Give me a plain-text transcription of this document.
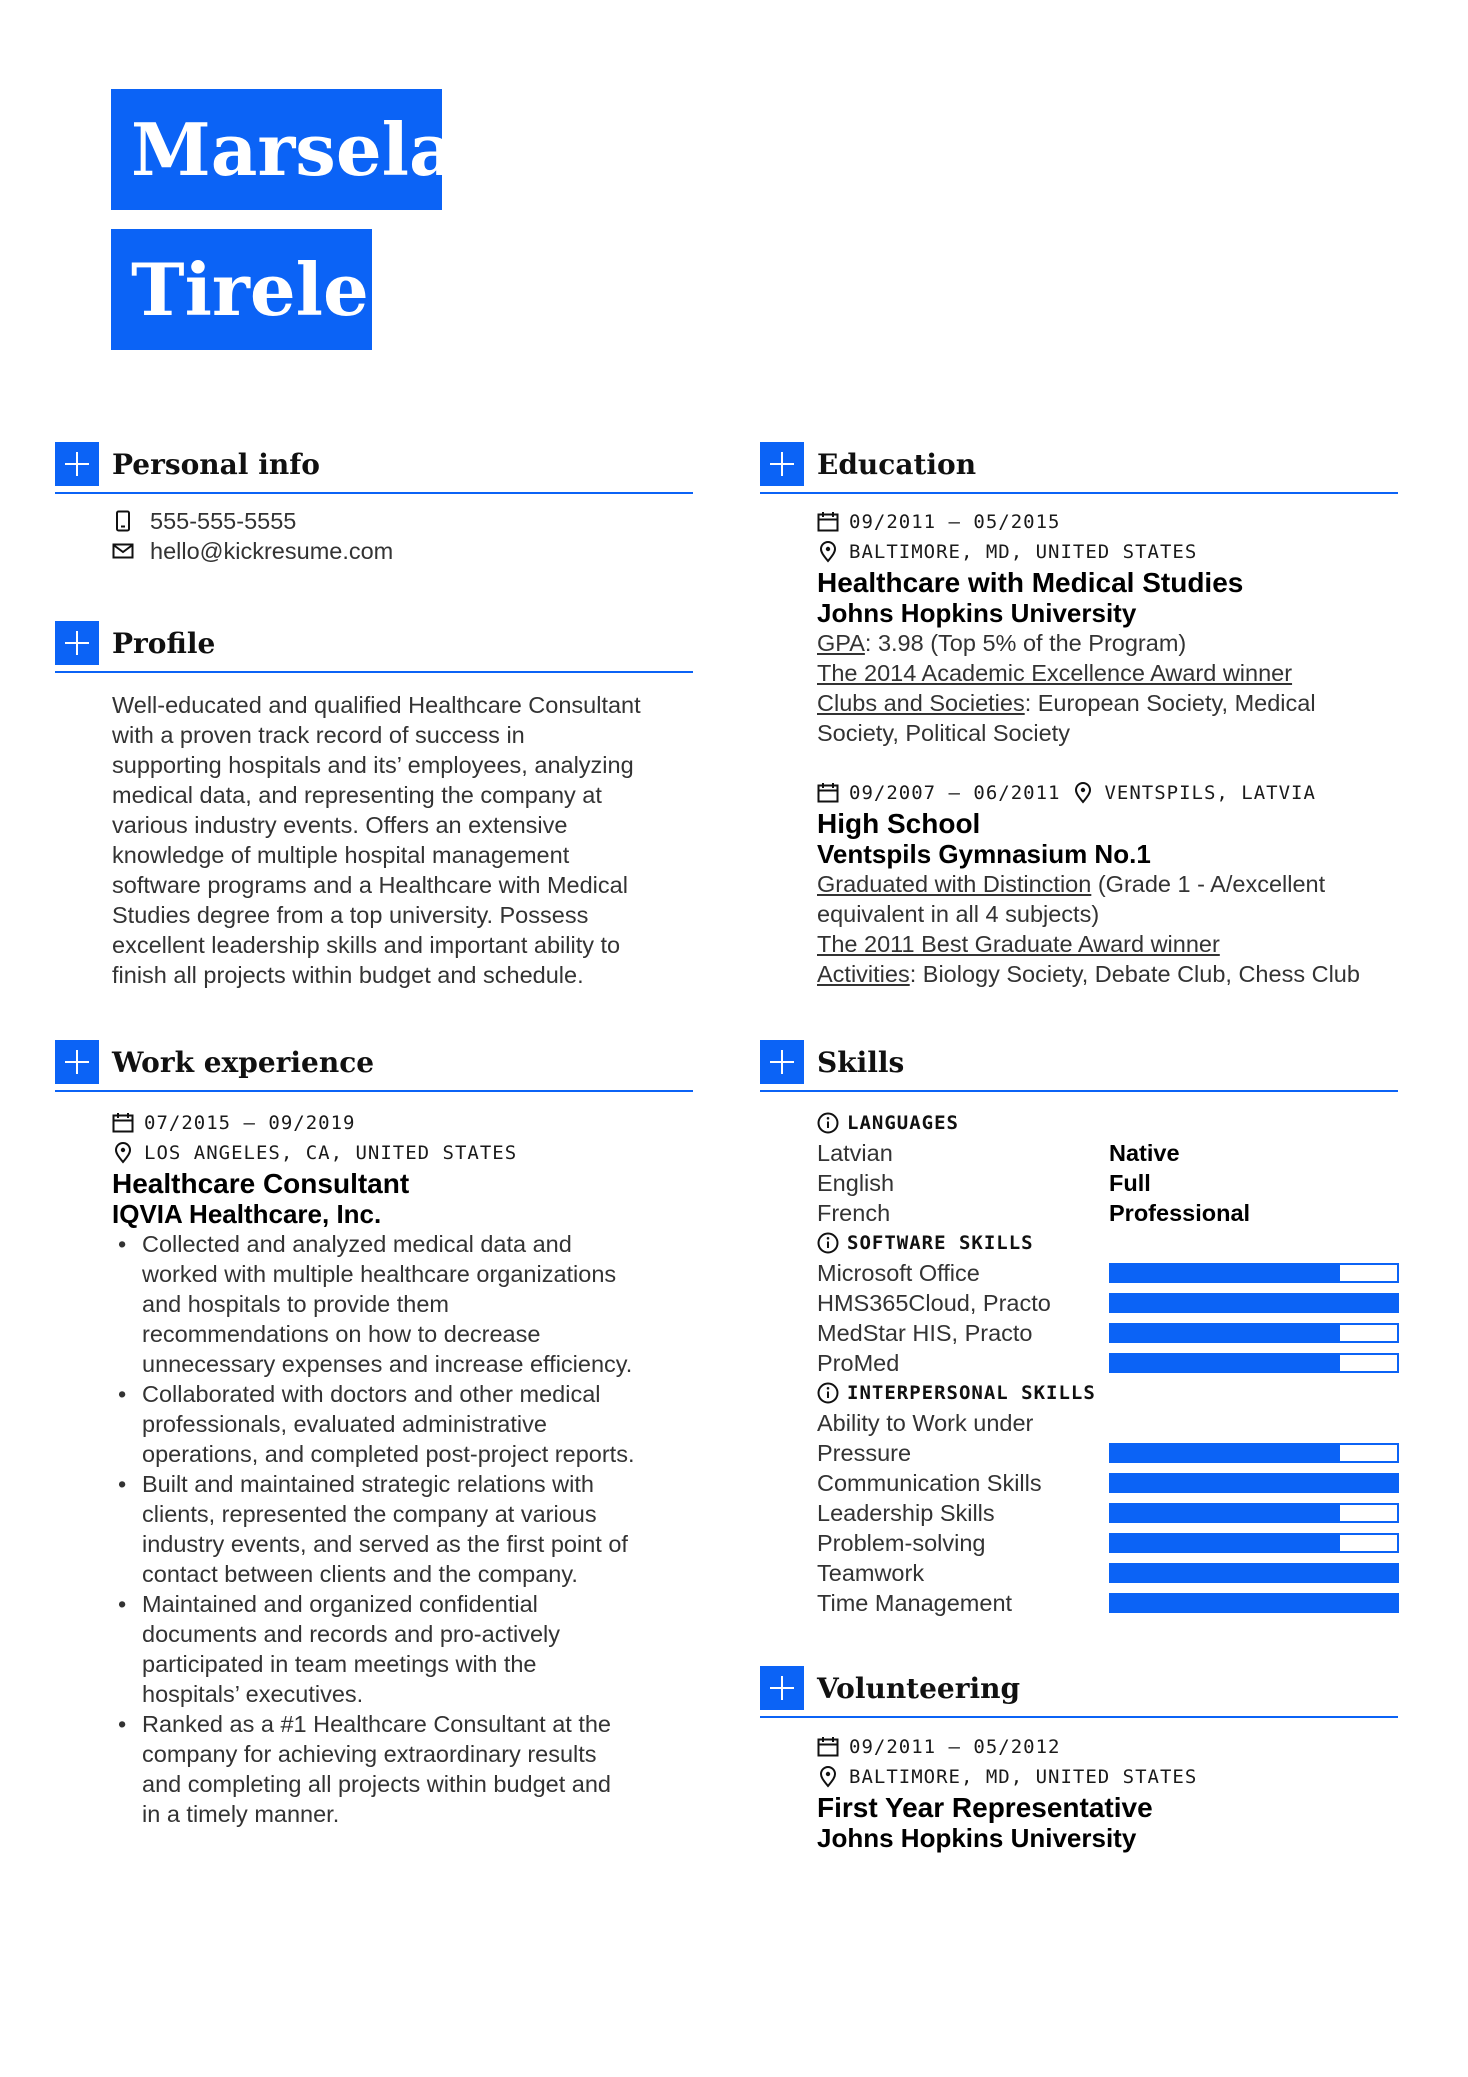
Marsela
Tirele
Personal info
555-555-5555
hello@kickresume.com
Profile
Well-educated and qualified Healthcare Consultant
with a proven track record of success in
supporting hospitals and its’ employees, analyzing
medical data, and representing the company at
various industry events. Offers an extensive
knowledge of multiple hospital management
software programs and a Healthcare with Medical
Studies degree from a top university. Possess
excellent leadership skills and important ability to
finish all projects within budget and schedule.
Work experience
07/2015 – 09/2019
LOS ANGELES, CA, UNITED STATES
Healthcare Consultant
IQVIA Healthcare, Inc.
• Collected and analyzed medical data and
worked with multiple healthcare organizations
and hospitals to provide them
recommendations on how to decrease
unnecessary expenses and increase efficiency.
• Collaborated with doctors and other medical
professionals, evaluated administrative
operations, and completed post-project reports.
• Built and maintained strategic relations with
clients, represented the company at various
industry events, and served as the first point of
contact between clients and the company.
• Maintained and organized confidential
documents and records and pro-actively
participated in team meetings with the
hospitals’ executives.
• Ranked as a #1 Healthcare Consultant at the
company for achieving extraordinary results
and completing all projects within budget and
in a timely manner.
Education
09/2011 – 05/2015
BALTIMORE, MD, UNITED STATES
Healthcare with Medical Studies
Johns Hopkins University
GPA: 3.98 (Top 5% of the Program)
The 2014 Academic Excellence Award winner
Clubs and Societies: European Society, Medical
Society, Political Society
09/2007 – 06/2011 VENTSPILS, LATVIA
High School
Ventspils Gymnasium No.1
Graduated with Distinction (Grade 1 - A/excellent
equivalent in all 4 subjects)
The 2011 Best Graduate Award winner
Activities: Biology Society, Debate Club, Chess Club
Skills
LANGUAGES
Latvian	Native
English	Full
French	Professional
SOFTWARE SKILLS
Microsoft Office
HMS365Cloud, Practo
MedStar HIS, Practo
ProMed
INTERPERSONAL SKILLS
Ability to Work under
Pressure
Communication Skills
Leadership Skills
Problem-solving
Teamwork
Time Management
Volunteering
09/2011 – 05/2012
BALTIMORE, MD, UNITED STATES
First Year Representative
Johns Hopkins University
